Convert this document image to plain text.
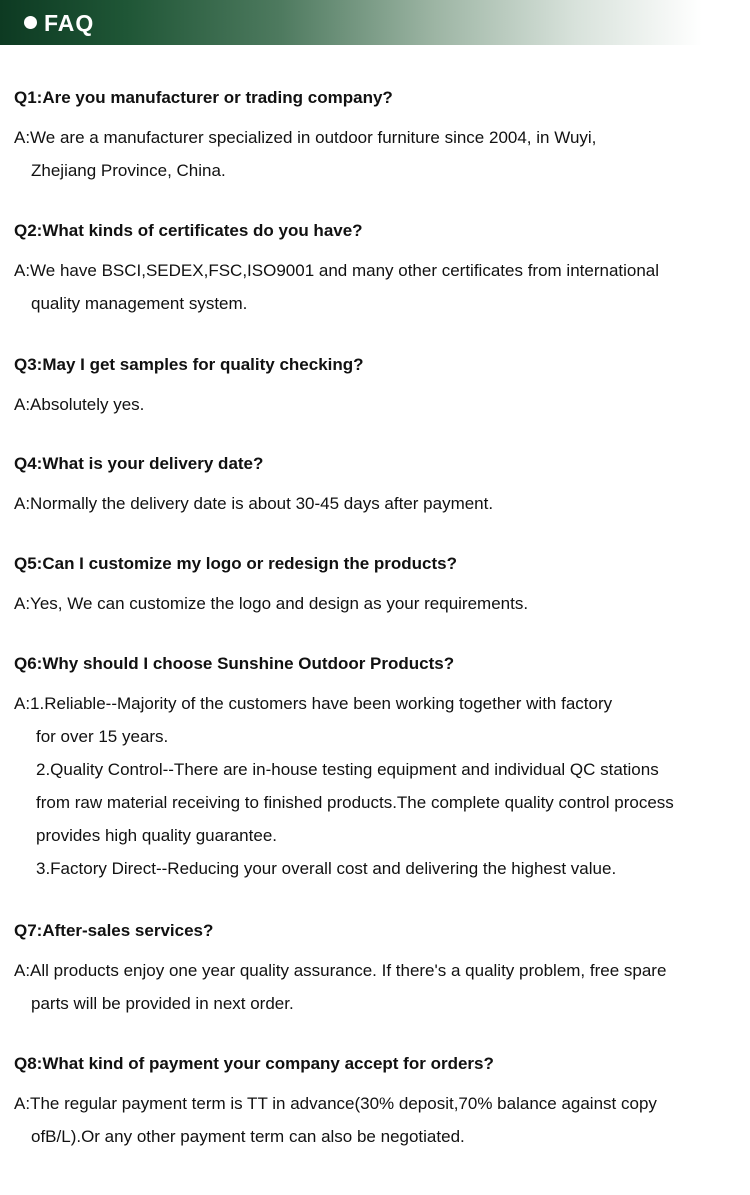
FAQ
Q1:Are you manufacturer or trading company?
A:We are a manufacturer specialized in outdoor furniture since 2004, in Wuyi,
Zhejiang Province, China.
Q2:What kinds of certificates do you have?
A:We have BSCI,SEDEX,FSC,ISO9001 and many other certificates from international
quality management system.
Q3:May I get samples for quality checking?
A:Absolutely yes.
Q4:What is your delivery date?
A:Normally the delivery date is about 30-45 days after payment.
Q5:Can I customize my logo or redesign the products?
A:Yes, We can customize the logo and design as your requirements.
Q6:Why should I choose Sunshine Outdoor Products?
A:1.Reliable--Majority of the customers have been working together with factory
for over 15 years.
2.Quality Control--There are in-house testing equipment and individual QC stations
from raw material receiving to finished products.The complete quality control process
provides high quality guarantee.
3.Factory Direct--Reducing your overall cost and delivering the highest value.
Q7:After-sales services?
A:All products enjoy one year quality assurance. If there's a quality problem, free spare
parts will be provided in next order.
Q8:What kind of payment your company accept for orders?
A:The regular payment term is TT in advance(30% deposit,70% balance against copy
ofB/L).Or any other payment term can also be negotiated.
